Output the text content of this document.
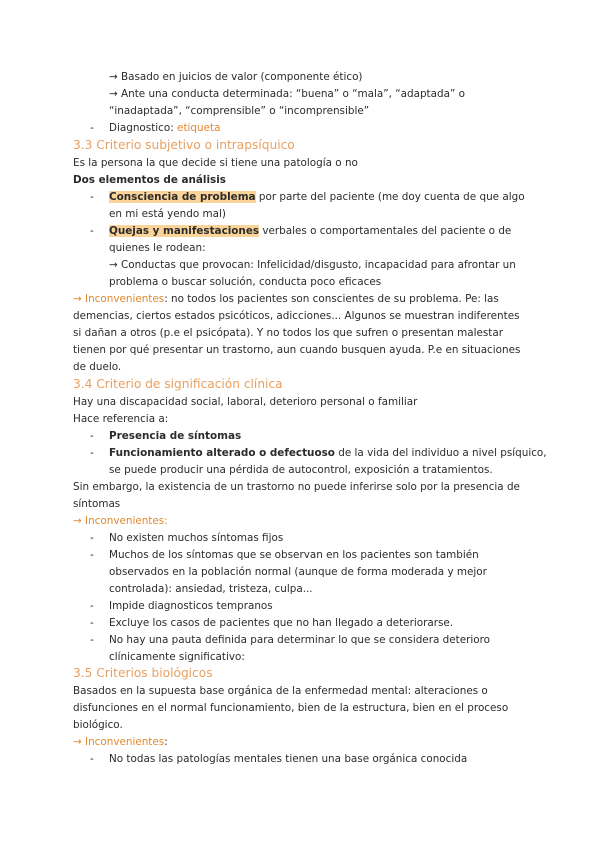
→ Basado en juicios de valor (componente ético)
→ Ante una conducta determinada: “buena” o “mala”, “adaptada” o
“inadaptada”, “comprensible” o “incomprensible”
- Diagnostico: etiqueta
3.3 Criterio subjetivo o intrapsíquico
Es la persona la que decide si tiene una patología o no
Dos elementos de análisis
- Consciencia de problema por parte del paciente (me doy cuenta de que algo
en mi está yendo mal)
- Quejas y manifestaciones verbales o comportamentales del paciente o de
quienes le rodean:
→ Conductas que provocan: Infelicidad/disgusto, incapacidad para afrontar un
problema o buscar solución, conducta poco eficaces
→ Inconvenientes: no todos los pacientes son conscientes de su problema. Pe: las
demencias, ciertos estados psicóticos, adicciones... Algunos se muestran indiferentes
si dañan a otros (p.e el psicópata). Y no todos los que sufren o presentan malestar
tienen por qué presentar un trastorno, aun cuando busquen ayuda. P.e en situaciones
de duelo.
3.4 Criterio de significación clínica
Hay una discapacidad social, laboral, deterioro personal o familiar
Hace referencia a:
- Presencia de síntomas
- Funcionamiento alterado o defectuoso de la vida del individuo a nivel psíquico,
se puede producir una pérdida de autocontrol, exposición a tratamientos.
Sin embargo, la existencia de un trastorno no puede inferirse solo por la presencia de
síntomas
→ Inconvenientes:
- No existen muchos síntomas fijos
- Muchos de los síntomas que se observan en los pacientes son también
observados en la población normal (aunque de forma moderada y mejor
controlada): ansiedad, tristeza, culpa...
- Impide diagnosticos tempranos
- Excluye los casos de pacientes que no han llegado a deteriorarse.
- No hay una pauta definida para determinar lo que se considera deterioro
clínicamente significativo:
3.5 Criterios biológicos
Basados en la supuesta base orgánica de la enfermedad mental: alteraciones o
disfunciones en el normal funcionamiento, bien de la estructura, bien en el proceso
biológico.
→ Inconvenientes:
- No todas las patologías mentales tienen una base orgánica conocida
